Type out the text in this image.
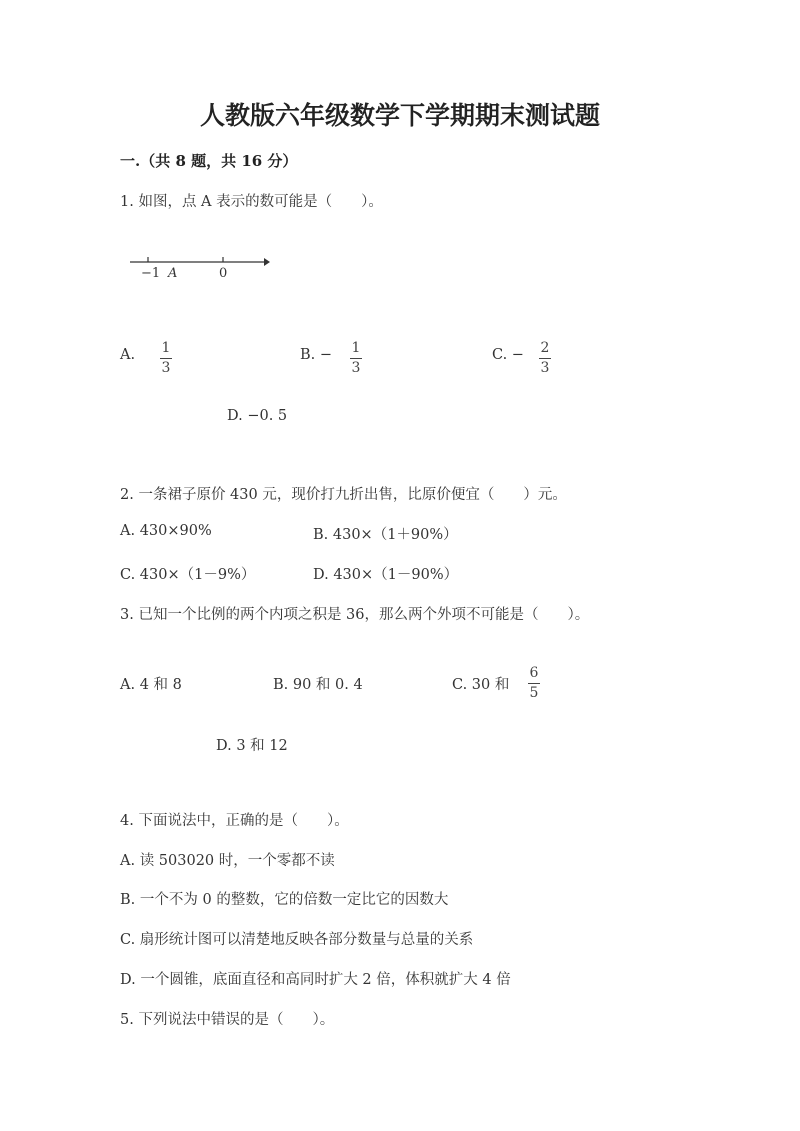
人教版六年级数学下学期期末测试题
一.（共 8 题，共 16 分）
1. 如图，点 A 表示的数可能是（　　）。
−1 A	0
A. 1
3
B. − 1
3
C. − 2
3
D. −0. 5
2. 一条裙子原价 430 元，现价打九折出售，比原价便宜（　　）元。
A. 430×90%	B. 430×（1＋90%）
C. 430×（1－9%）	D. 430×（1－90%）
3. 已知一个比例的两个内项之积是 36，那么两个外项不可能是（　　）。
A. 4 和 8	B. 90 和 0. 4	C. 30 和
6
5
D. 3 和 12
4. 下面说法中，正确的是（　　）。
A. 读 503020 时，一个零都不读
B. 一个不为 0 的整数，它的倍数一定比它的因数大
C. 扇形统计图可以清楚地反映各部分数量与总量的关系
D. 一个圆锥，底面直径和高同时扩大 2 倍，体积就扩大 4 倍
5. 下列说法中错误的是（　　）。
